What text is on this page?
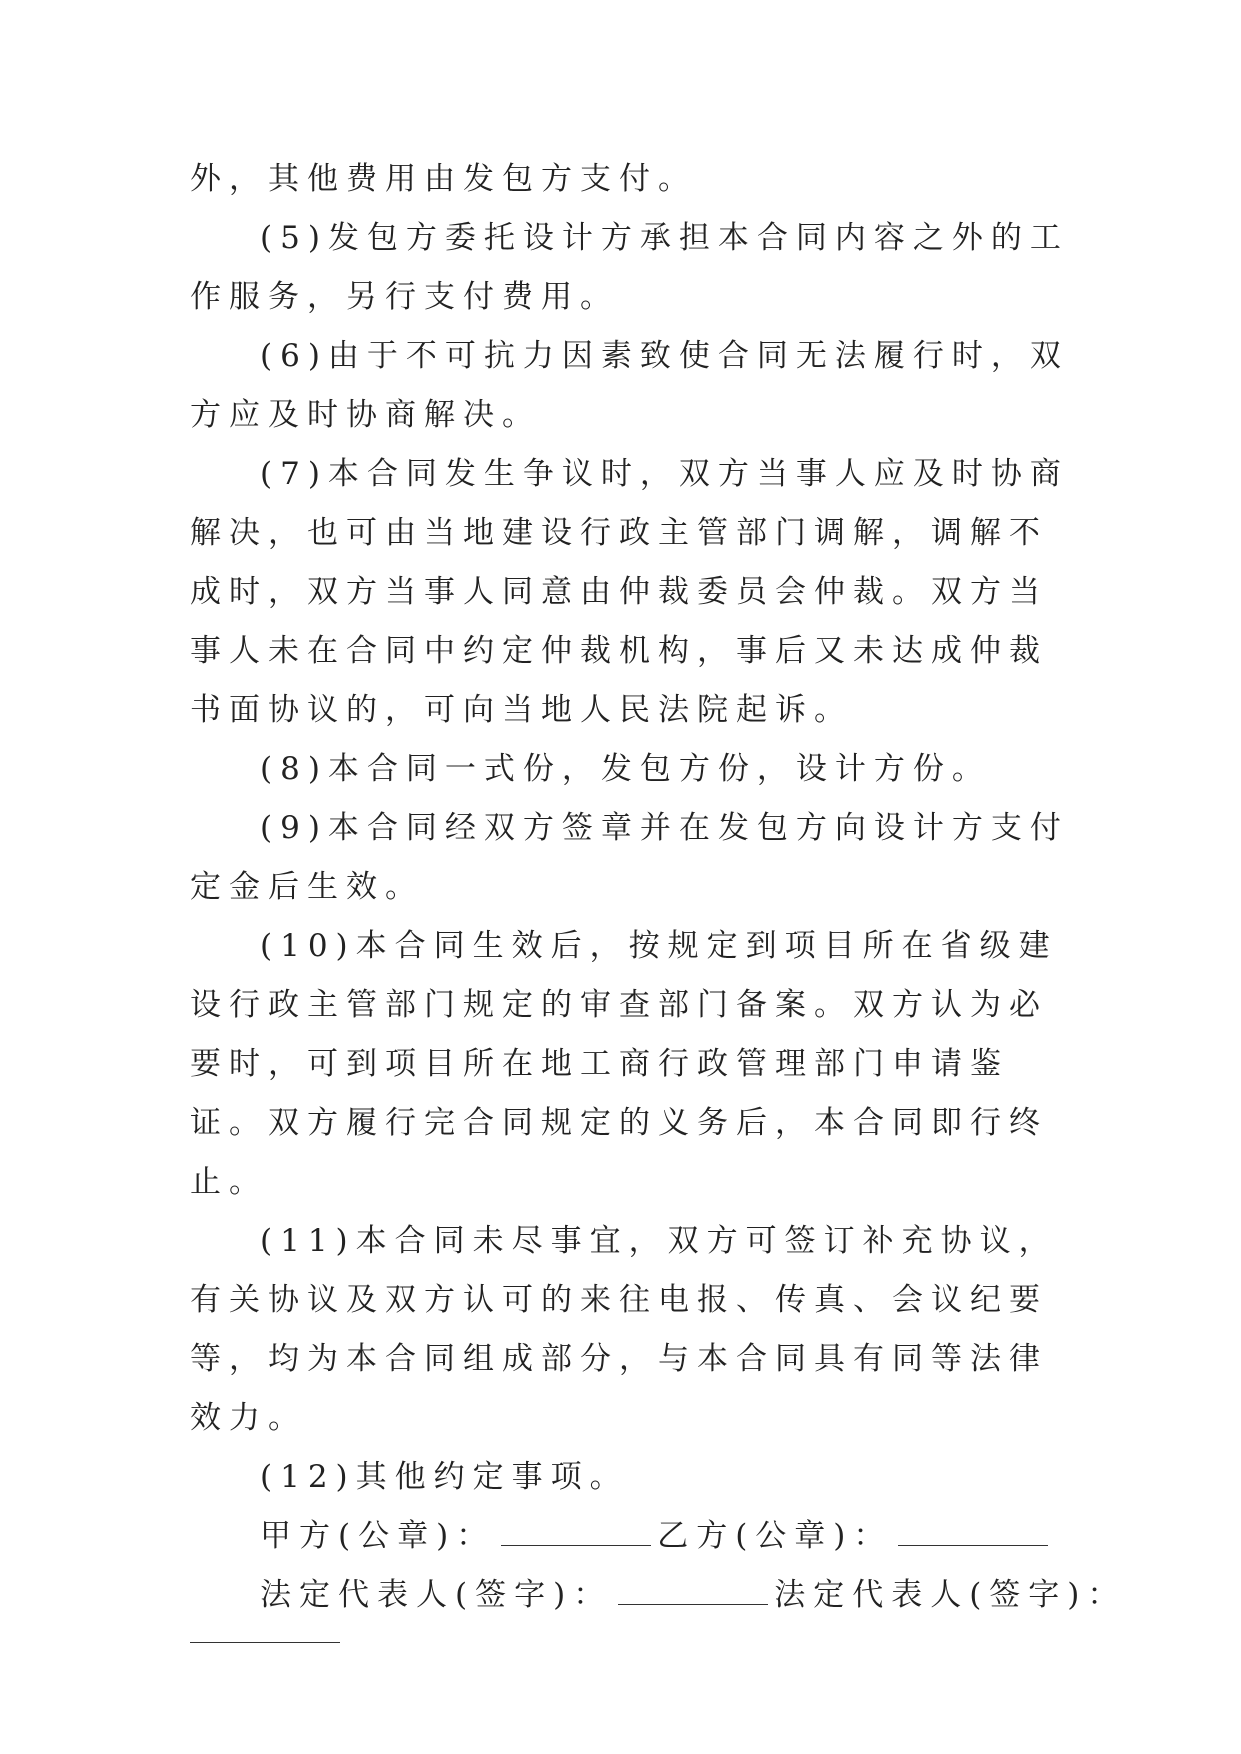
外，其他费用由发包方支付。

(5)发包方委托设计方承担本合同内容之外的工作服务，另行支付费用。

(6)由于不可抗力因素致使合同无法履行时，双方应及时协商解决。

(7)本合同发生争议时，双方当事人应及时协商解决，也可由当地建设行政主管部门调解，调解不成时，双方当事人同意由仲裁委员会仲裁。双方当事人未在合同中约定仲裁机构，事后又未达成仲裁书面协议的，可向当地人民法院起诉。

(8)本合同一式份，发包方份，设计方份。

(9)本合同经双方签章并在发包方向设计方支付定金后生效。

(10)本合同生效后，按规定到项目所在省级建设行政主管部门规定的审查部门备案。双方认为必要时，可到项目所在地工商行政管理部门申请鉴证。双方履行完合同规定的义务后，本合同即行终止。

(11)本合同未尽事宜，双方可签订补充协议，有关协议及双方认可的来往电报、传真、会议纪要等，均为本合同组成部分，与本合同具有同等法律效力。

(12)其他约定事项。

甲方(公章)：	乙方(公章)：
法定代表人(签字)：	法定代表人(签字)：
